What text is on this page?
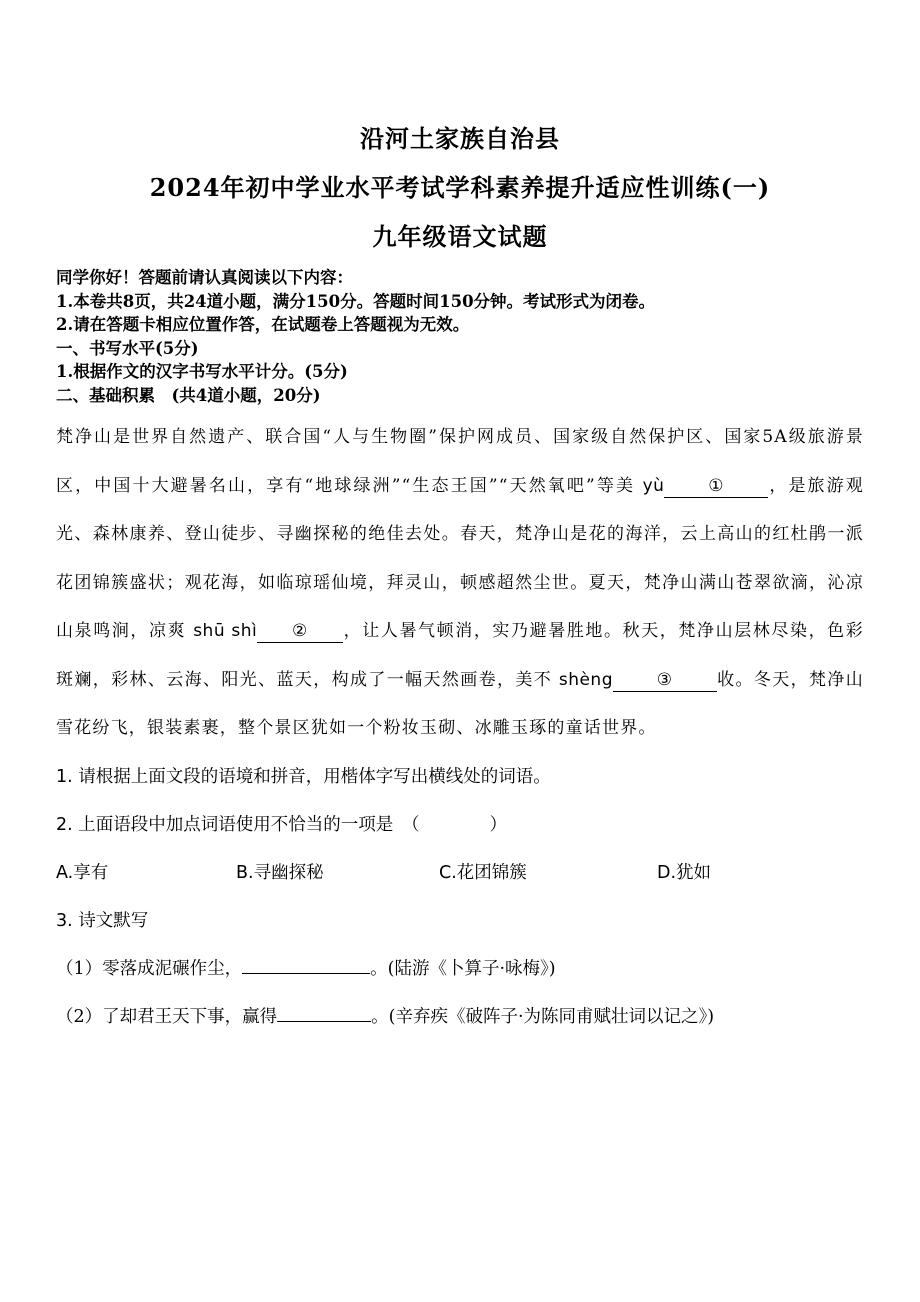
沿河土家族自治县
2024年初中学业水平考试学科素养提升适应性训练(一)
九年级语文试题
同学你好！答题前请认真阅读以下内容：
1.本卷共8页，共24道小题，满分150分。答题时间150分钟。考试形式为闭卷。
2.请在答题卡相应位置作答，在试题卷上答题视为无效。
一、书写水平(5分)
1.根据作文的汉字书写水平计分。(5分)
二、基础积累　(共4道小题，20分)
梵净山是世界自然遗产、联合国“人与生物圈”保护网成员、国家级自然保护区、国家5A级旅游景区，中国十大避暑名山，享有“地球绿洲”“生态王国”“天然氧吧”等美 yù	①	，是旅游观光、森林康养、登山徒步、寻幽探秘的绝佳去处。春天，梵净山是花的海洋，云上高山的红杜鹃一派花团锦簇盛状；观花海，如临琼瑶仙境，拜灵山，顿感超然尘世。夏天，梵净山满山苍翠欲滴，沁凉山泉鸣涧，凉爽 shū shì ② ，让人暑气顿消，实乃避暑胜地。秋天，梵净山层林尽染，色彩斑斓，彩林、云海、阳光、蓝天，构成了一幅天然画卷，美不 shèng	③	收。冬天，梵净山雪花纷飞，银装素裹，整个景区犹如一个粉妆玉砌、冰雕玉琢的童话世界。
1. 请根据上面文段的语境和拼音，用楷体字写出横线处的词语。
2. 上面语段中加点词语使用不恰当的一项是　（　　　　）
A.享有	B.寻幽探秘	C.花团锦簇	D.犹如
3. 诗文默写
（1）零落成泥碾作尘，	。(陆游《卜算子·咏梅》)
（2）了却君王天下事，赢得	。(辛弃疾《破阵子·为陈同甫赋壮词以记之》)
